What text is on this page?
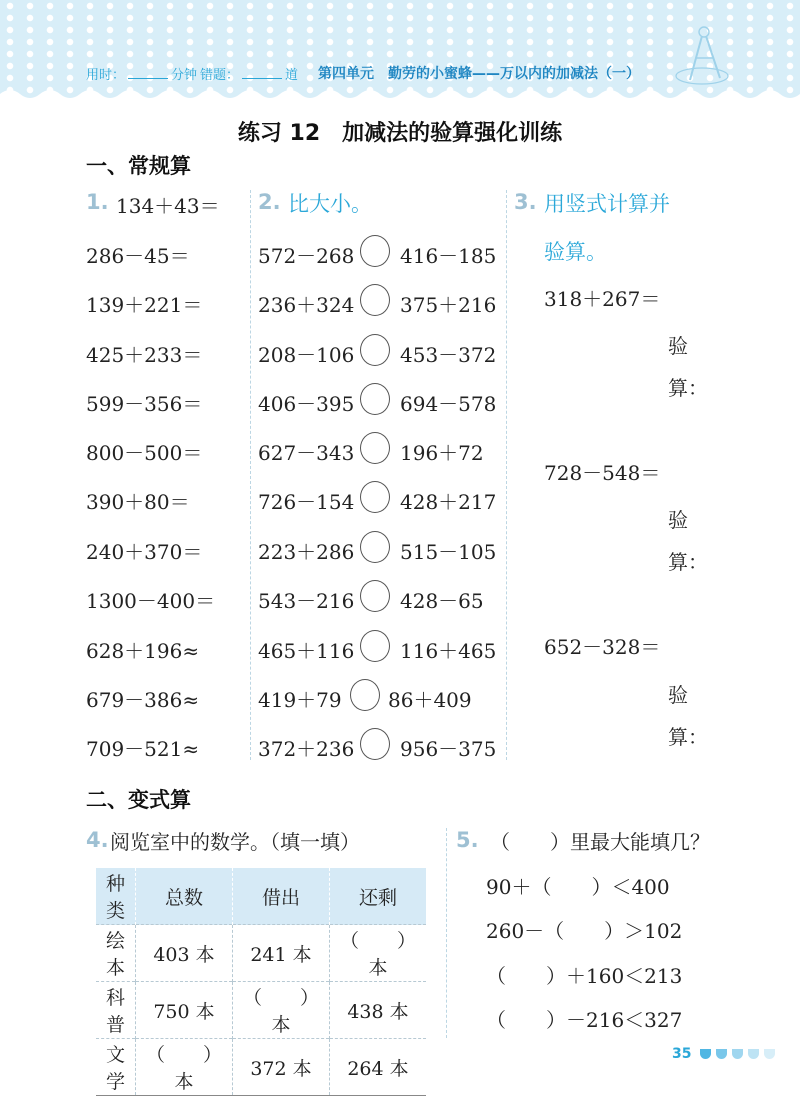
用时：	分钟 错题：	道 第四单元　勤劳的小蜜蜂——万以内的加减法（一）
练习 12　加减法的验算强化训练
一、常规算
1. 134＋43＝
286－45＝
139＋221＝
425＋233＝
599－356＝
800－500＝
390＋80＝
240＋370＝
1300－400＝
628＋196≈
679－386≈
709－521≈
2. 比大小。
572－268 416－185
236＋324 375＋216
208－106 453－372
406－395 694－578
627－343 196＋72
726－154 428＋217
223＋286 515－105
543－216 428－65
465＋116 116＋465
419＋79 86＋409
372＋236 956－375
3. 用竖式计算并
验算。
318＋267＝
验
算：
728－548＝
验
算：
652－328＝
验
算：
二、变式算
4. 阅览室中的数学。（填一填）
种类	总数	借出	还剩
绘本	403 本	241 本	（　　）本
科普	750 本	（　　）本	438 本
文学	（　　）本	372 本	264 本
5. （　　）里最大能填几？
90＋（　　）＜400
260－（　　）＞102
（　　）＋160＜213
（　　）－216＜327
35
